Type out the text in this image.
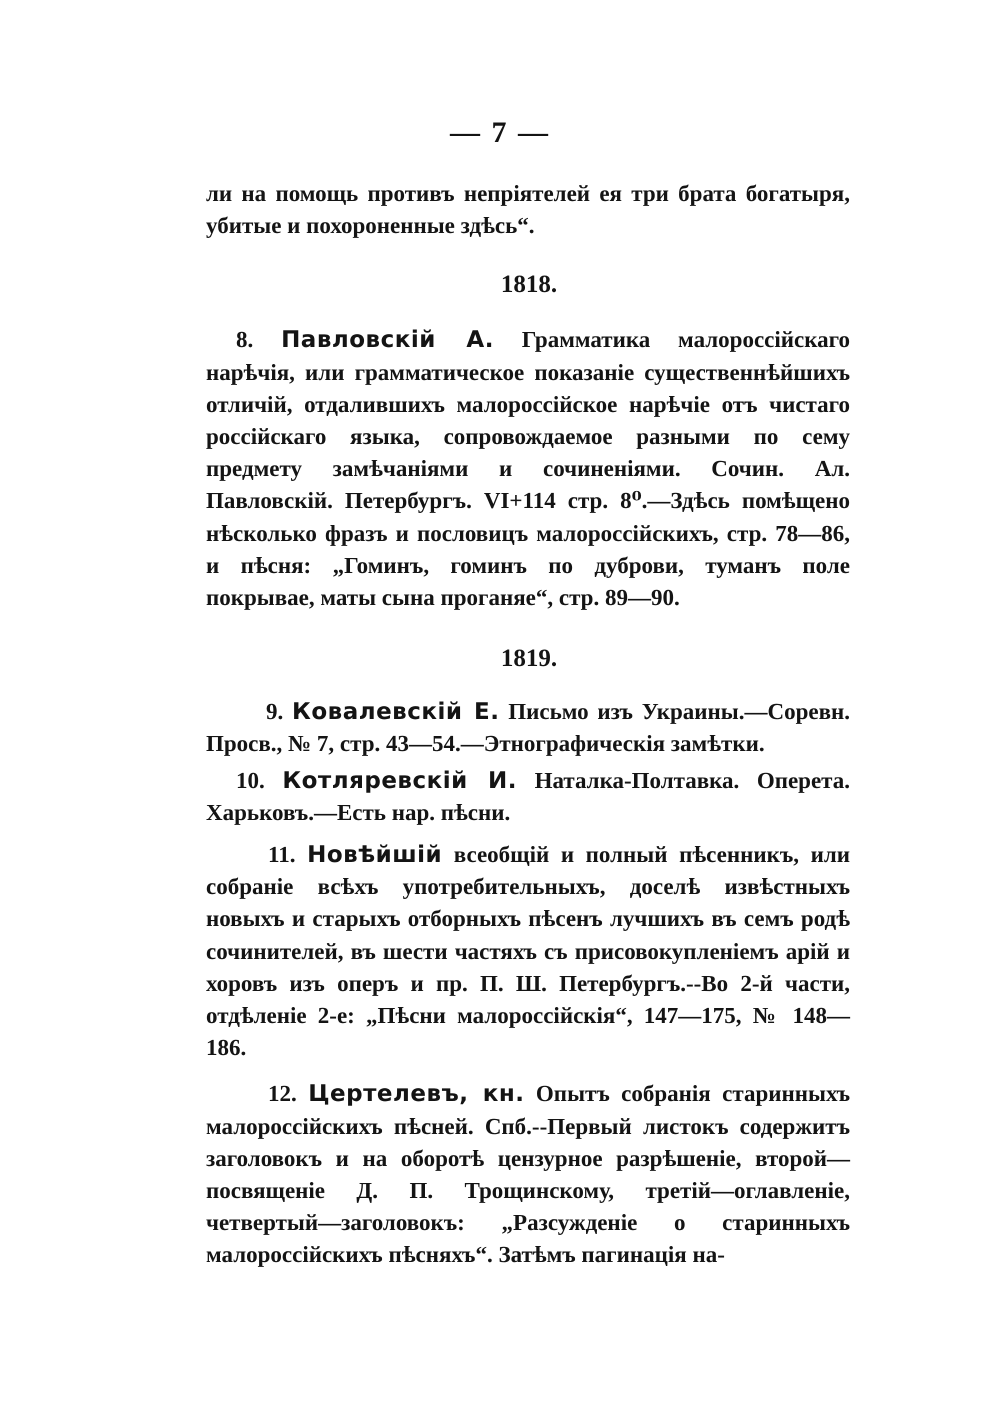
— 7 —

ли на помощь противъ непріятелей ея три брата богатыря, убитые и похороненные здѣсь“.

1818.

8. Павловскій А. Грамматика малороссійскаго нарѣчія, или грамматическое показаніе существеннѣйшихъ отличій, отдалившихъ малороссійское нарѣчіе отъ чистаго россійскаго языка, сопровождаемое разными по сему предмету замѣчаніями и сочиненіями. Сочин. Ал. Павловскій. Петербургъ. VI+114 стр. 8⁰.—Здѣсь помѣщено нѣсколько фразъ и пословицъ малороссійскихъ, стр. 78—86, и пѣсня: „Гоминъ, гоминъ по дуброви, туманъ поле покрывае, маты сына проганяе“, стр. 89—90.

1819.

9. Ковалевскій Е. Письмо изъ Украины.—Соревн. Просв., № 7, стр. 43—54.—Этнографическія замѣтки.

10. Котляревскій И. Наталка-Полтавка. Оперета. Харьковъ.—Есть нар. пѣсни.

11. Новѣйшій всеобщій и полный пѣсенникъ, или собраніе всѣхъ употребительныхъ, доселѣ извѣстныхъ новыхъ и старыхъ отборныхъ пѣсенъ лучшихъ въ семъ родѣ сочинителей, въ шести частяхъ съ присовокупленіемъ арій и хоровъ изъ оперъ и пр. П. Ш. Петербургъ.--Во 2-й части, отдѣленіе 2-е: „Пѣсни малороссійскія“, 147—175, № 148—186.

12. Цертелевъ, кн. Опытъ собранія старинныхъ малороссійскихъ пѣсней. Спб.--Первый листокъ содержитъ заголовокъ и на оборотѣ цензурное разрѣшеніе, второй—посвященіе Д. П. Трощинскому, третій—оглавленіе, четвертый—заголовокъ: „Разсужденіе о старинныхъ малороссійскихъ пѣсняхъ“. Затѣмъ пагинація на-
